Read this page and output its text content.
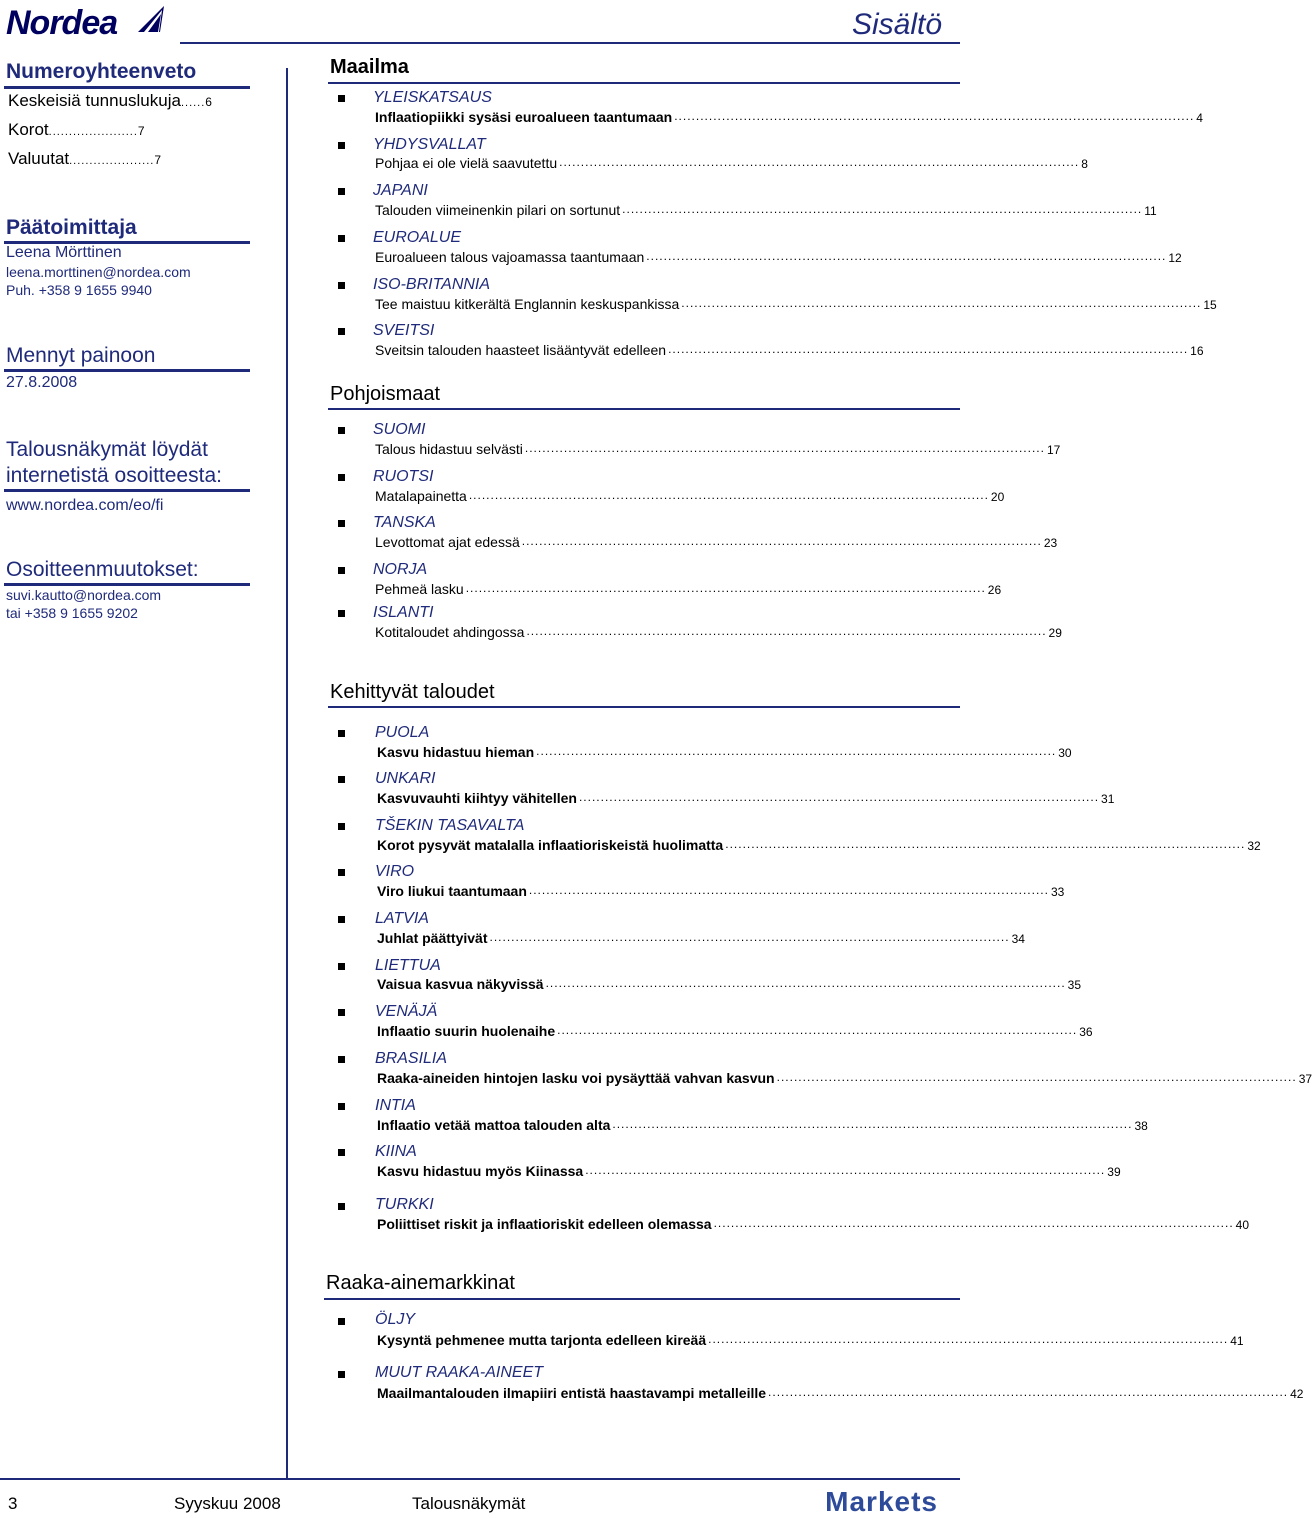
Nordea	Sisältö
Numeroyhteenveto
Keskeisiä tunnuslukuja......6
Korot......................7
Valuutat.....................7
Päätoimittaja
Leena Mörttinen
leena.morttinen@nordea.com
Puh. +358 9 1655 9940
Mennyt painoon
27.8.2008
Talousnäkymät löydät
internetistä osoitteesta:
www.nordea.com/eo/fi
Osoitteenmuutokset:
suvi.kautto@nordea.com
tai +358 9 1655 9202
Maailma
YLEISKATSAUS
Inflaatiopiikki sysäsi euroalueen taantumaan ........................................................................................................................ 4
YHDYSVALLAT
Pohjaa ei ole vielä saavutettu ........................................................................................................................ 8
JAPANI
Talouden viimeinenkin pilari on sortunut ........................................................................................................................ 11
EUROALUE
Euroalueen talous vajoamassa taantumaan ........................................................................................................................ 12
ISO-BRITANNIA
Tee maistuu kitkerältä Englannin keskuspankissa ........................................................................................................................ 15
SVEITSI
Sveitsin talouden haasteet lisääntyvät edelleen ........................................................................................................................ 16
Pohjoismaat
SUOMI
Talous hidastuu selvästi ........................................................................................................................ 17
RUOTSI
Matalapainetta ........................................................................................................................ 20
TANSKA
Levottomat ajat edessä ........................................................................................................................ 23
NORJA
Pehmeä lasku ........................................................................................................................ 26
ISLANTI
Kotitaloudet ahdingossa ........................................................................................................................ 29
Kehittyvät taloudet
PUOLA
Kasvu hidastuu hieman ........................................................................................................................ 30
UNKARI
Kasvuvauhti kiihtyy vähitellen ........................................................................................................................ 31
TŠEKIN TASAVALTA
Korot pysyvät matalalla inflaatioriskeistä huolimatta ........................................................................................................................ 32
VIRO
Viro liukui taantumaan ........................................................................................................................ 33
LATVIA
Juhlat päättyivät ........................................................................................................................ 34
LIETTUA
Vaisua kasvua näkyvissä ........................................................................................................................ 35
VENÄJÄ
Inflaatio suurin huolenaihe ........................................................................................................................ 36
BRASILIA
Raaka-aineiden hintojen lasku voi pysäyttää vahvan kasvun ........................................................................................................................ 37
INTIA
Inflaatio vetää mattoa talouden alta ........................................................................................................................ 38
KIINA
Kasvu hidastuu myös Kiinassa ........................................................................................................................ 39
TURKKI
Poliittiset riskit ja inflaatioriskit edelleen olemassa ........................................................................................................................ 40
Raaka-ainemarkkinat
ÖLJY
Kysyntä pehmenee mutta tarjonta edelleen kireää ........................................................................................................................ 41
MUUT RAAKA-AINEET
Maailmantalouden ilmapiiri entistä haastavampi metalleille ........................................................................................................................ 42
3	Syyskuu 2008	Talousnäkymät	Markets
